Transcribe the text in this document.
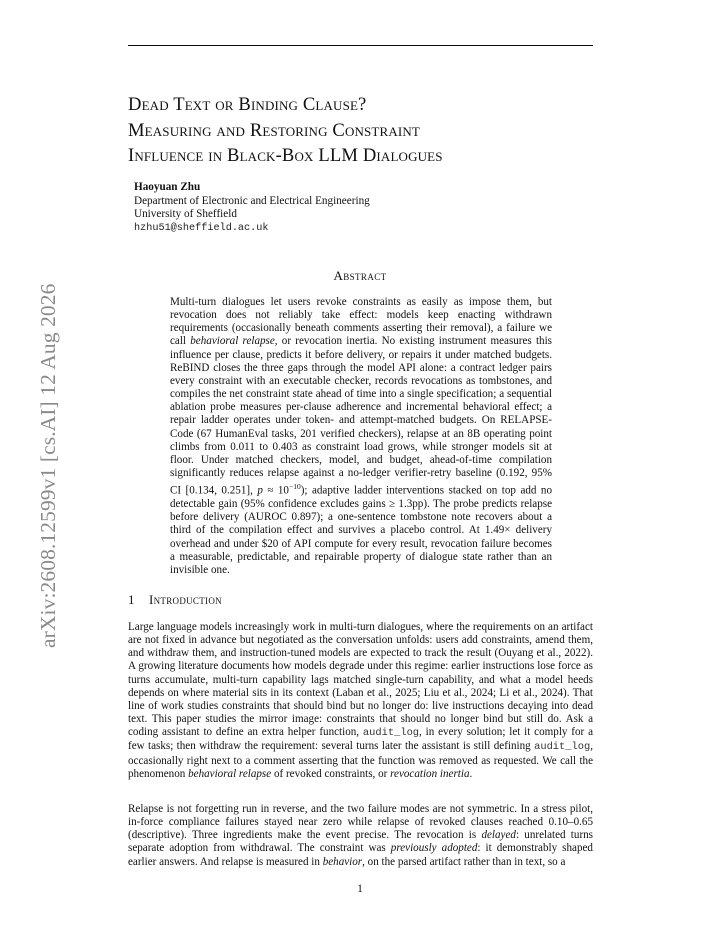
arXiv:2608.12599v1 [cs.AI] 12 Aug 2026
Dead Text or Binding Clause?
Measuring and Restoring Constraint
Influence in Black-Box LLM Dialogues
Haoyuan Zhu
Department of Electronic and Electrical Engineering
University of Sheffield
hzhu51@sheffield.ac.uk
Abstract

Multi-turn dialogues let users revoke constraints as easily as impose them, but revocation does not reliably take effect: models keep enacting withdrawn requirements (occasionally beneath comments asserting their removal), a failure we call behavioral relapse, or revocation inertia. No existing instrument measures this influence per clause, predicts it before delivery, or repairs it under matched budgets. ReBIND closes the three gaps through the model API alone: a contract ledger pairs every constraint with an executable checker, records revocations as tombstones, and compiles the net constraint state ahead of time into a single specification; a sequential ablation probe measures per-clause adherence and incremental behavioral effect; a repair ladder operates under token- and attempt-matched budgets. On RELAPSE-Code (67 HumanEval tasks, 201 verified checkers), relapse at an 8B operating point climbs from 0.011 to 0.403 as constraint load grows, while stronger models sit at floor. Under matched checkers, model, and budget, ahead-of-time compilation significantly reduces relapse against a no-ledger verifier-retry baseline (0.192, 95% CI [0.134, 0.251], $p \approx 10^{-10}$); adaptive ladder interventions stacked on top add no detectable gain (95% confidence excludes gains ≥ 1.3pp). The probe predicts relapse before delivery (AUROC 0.897); a one-sentence tombstone note recovers about a third of the compilation effect and survives a placebo control. At 1.49× delivery overhead and under $20 of API compute for every result, revocation failure becomes a measurable, predictable, and repairable property of dialogue state rather than an invisible one.

1 Introduction

Large language models increasingly work in multi-turn dialogues, where the requirements on an artifact are not fixed in advance but negotiated as the conversation unfolds: users add constraints, amend them, and withdraw them, and instruction-tuned models are expected to track the result (Ouyang et al., 2022). A growing literature documents how models degrade under this regime: earlier instructions lose force as turns accumulate, multi-turn capability lags matched single-turn capability, and what a model heeds depends on where material sits in its context (Laban et al., 2025; Liu et al., 2024; Li et al., 2024). That line of work studies constraints that should bind but no longer do: live instructions decaying into dead text. This paper studies the mirror image: constraints that should no longer bind but still do. Ask a coding assistant to define an extra helper function, audit_log, in every solution; let it comply for a few tasks; then withdraw the requirement: several turns later the assistant is still defining audit_log, occasionally right next to a comment asserting that the function was removed as requested. We call the phenomenon behavioral relapse of revoked constraints, or revocation inertia.

Relapse is not forgetting run in reverse, and the two failure modes are not symmetric. In a stress pilot, in-force compliance failures stayed near zero while relapse of revoked clauses reached 0.10–0.65 (descriptive). Three ingredients make the event precise. The revocation is delayed: unrelated turns separate adoption from withdrawal. The constraint was previously adopted: it demonstrably shaped earlier answers. And relapse is measured in behavior, on the parsed artifact rather than in text, so a

1
